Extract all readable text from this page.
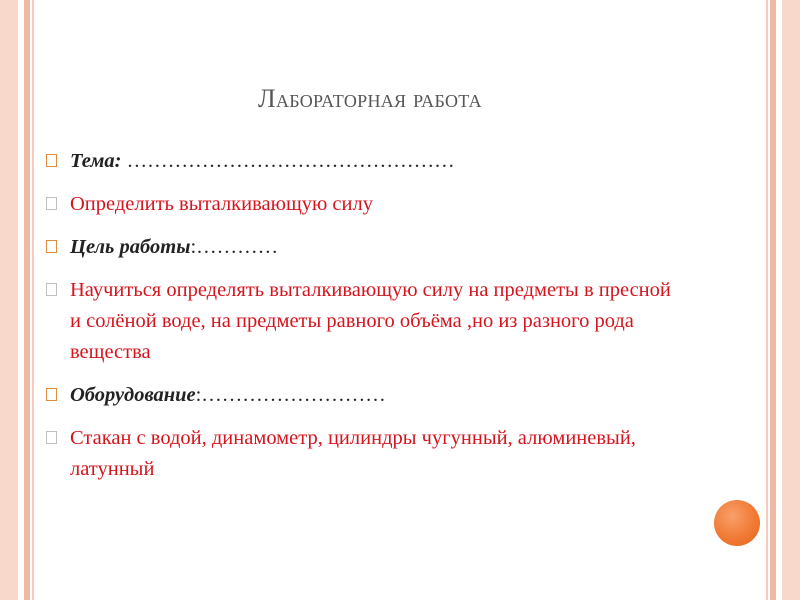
Лабораторная работа
Тема: …………………………………………
Определить выталкивающую силу
Цель работы:…………
Научиться определять выталкивающую силу на предметы в пресной и солёной воде, на предметы равного объёма ,но из разного рода вещества
Оборудование:………………………
Стакан с водой, динамометр, цилиндры чугунный, алюминевый, латунный
